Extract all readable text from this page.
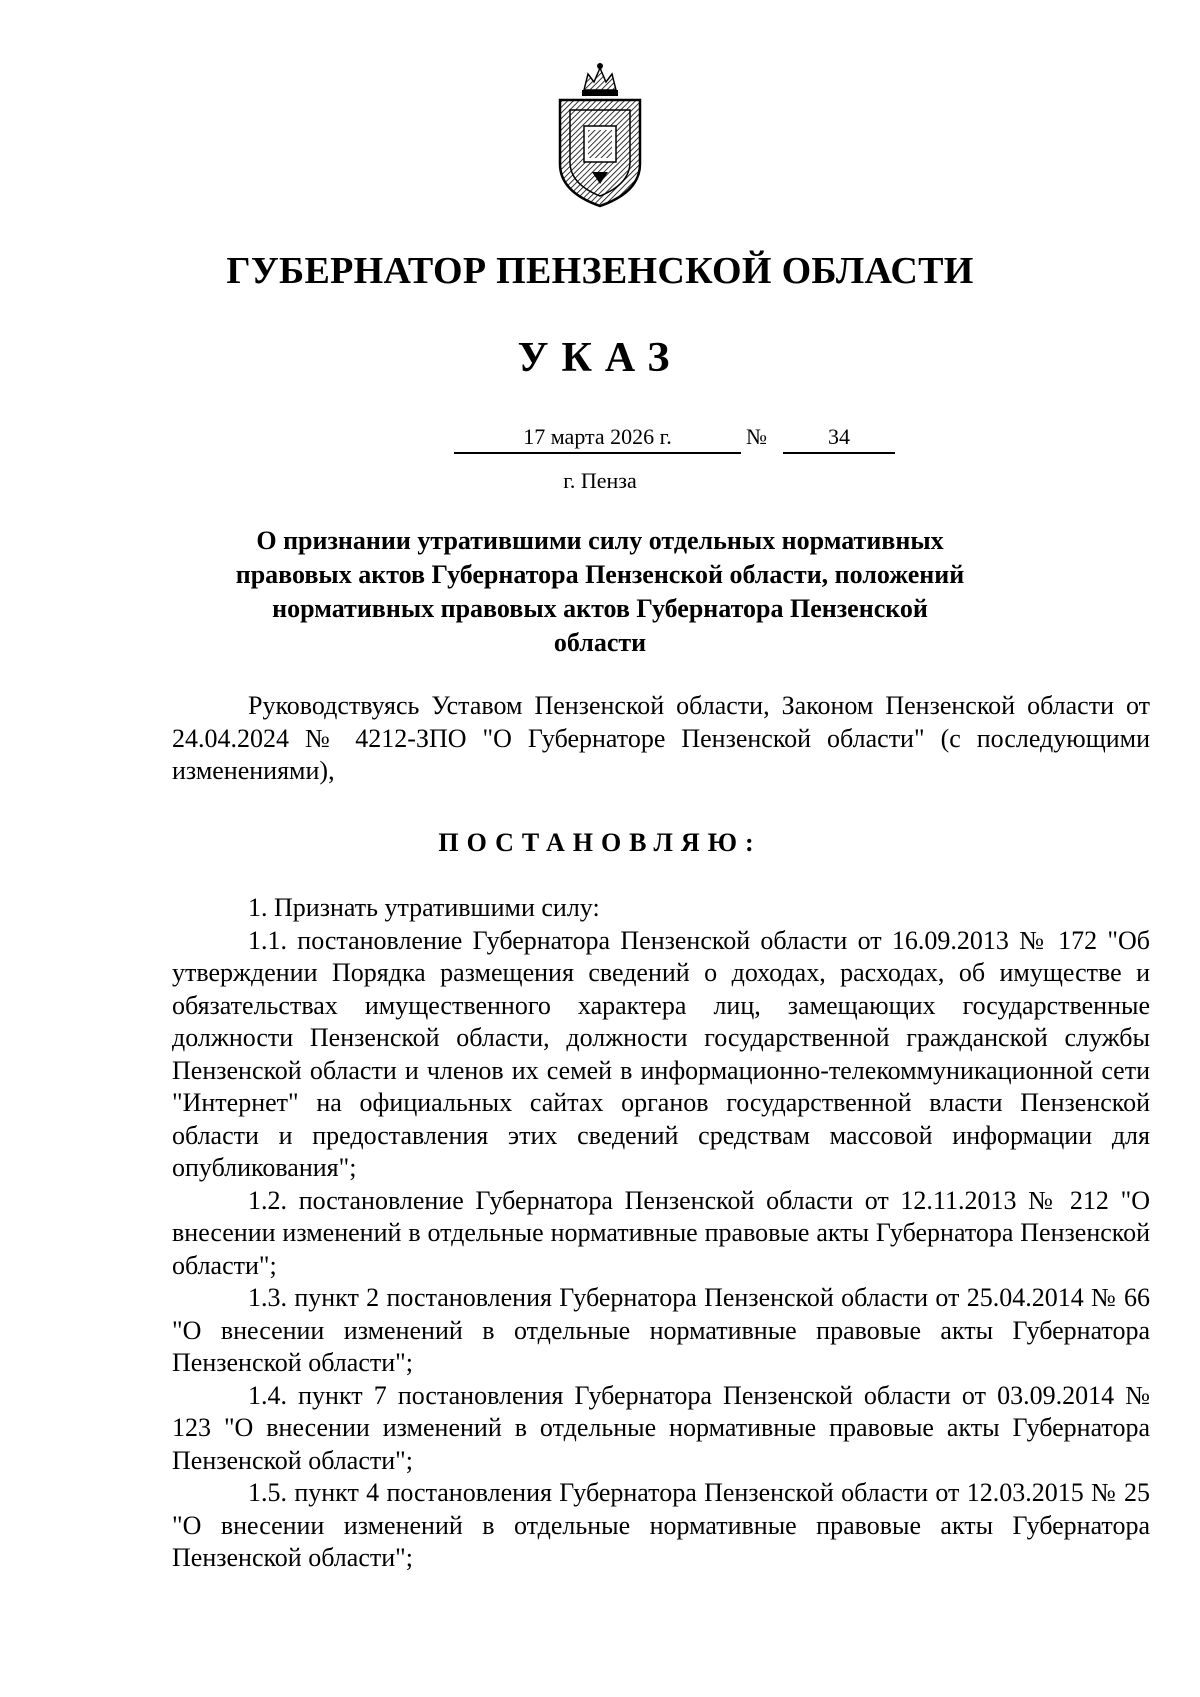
ГУБЕРНАТОР ПЕНЗЕНСКОЙ ОБЛАСТИ
УКАЗ
17 марта 2026 г.	№	34
г. Пенза
О признании утратившими силу отдельных нормативных правовых актов Губернатора Пензенской области, положений нормативных правовых актов Губернатора Пензенской области

Руководствуясь Уставом Пензенской области, Законом Пензенской области от 24.04.2024 № 4212-ЗПО "О Губернаторе Пензенской области" (с последующими изменениями),

ПОСТАНОВЛЯЮ:

1. Признать утратившими силу:

1.1. постановление Губернатора Пензенской области от 16.09.2013 № 172 "Об утверждении Порядка размещения сведений о доходах, расходах, об имуществе и обязательствах имущественного характера лиц, замещающих государственные должности Пензенской области, должности государственной гражданской службы Пензенской области и членов их семей в информационно-телекоммуникационной сети "Интернет" на официальных сайтах органов государственной власти Пензенской области и предоставления этих сведений средствам массовой информации для опубликования";

1.2. постановление Губернатора Пензенской области от 12.11.2013 № 212 "О внесении изменений в отдельные нормативные правовые акты Губернатора Пензенской области";

1.3. пункт 2 постановления Губернатора Пензенской области от 25.04.2014 № 66 "О внесении изменений в отдельные нормативные правовые акты Губернатора Пензенской области";

1.4. пункт 7 постановления Губернатора Пензенской области от 03.09.2014 № 123 "О внесении изменений в отдельные нормативные правовые акты Губернатора Пензенской области";

1.5. пункт 4 постановления Губернатора Пензенской области от 12.03.2015 № 25 "О внесении изменений в отдельные нормативные правовые акты Губернатора Пензенской области";
